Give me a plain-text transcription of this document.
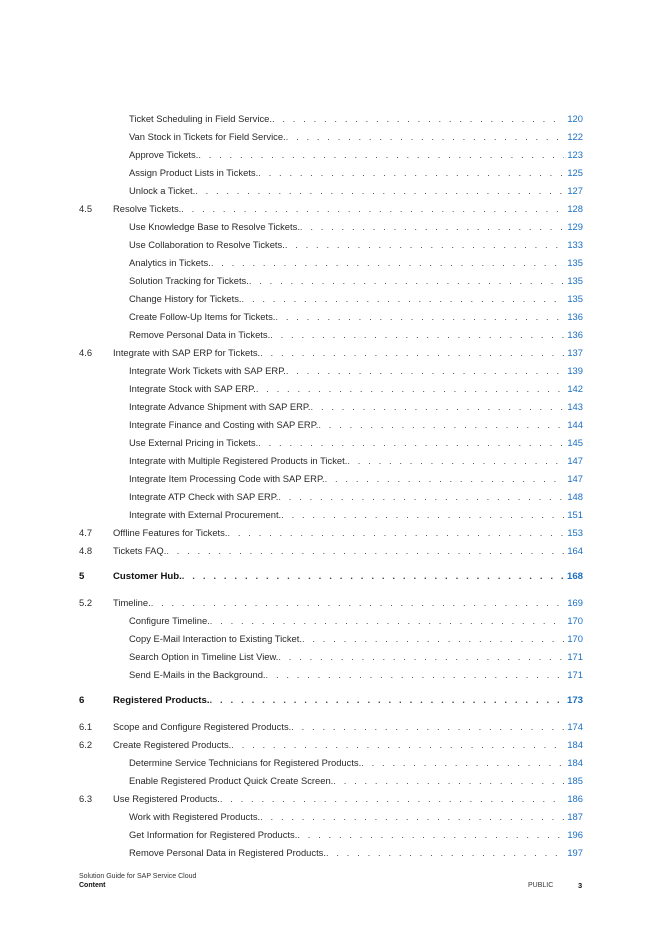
Ticket Scheduling in Field Service. . . .	120
Van Stock in Tickets for Field Service. . . .	122
Approve Tickets. . . .	123
Assign Product Lists in Tickets. . . .	125
Unlock a Ticket. . . .	127
4.5 Resolve Tickets. . . .	128
Use Knowledge Base to Resolve Tickets. . . .	129
Use Collaboration to Resolve Tickets. . . .	133
Analytics in Tickets. . . .	135
Solution Tracking for Tickets. . . .	135
Change History for Tickets. . . .	135
Create Follow-Up Items for Tickets. . . .	136
Remove Personal Data in Tickets. . . .	136
4.6 Integrate with SAP ERP for Tickets. . . .	137
Integrate Work Tickets with SAP ERP. . . .	139
Integrate Stock with SAP ERP. . . .	142
Integrate Advance Shipment with SAP ERP. . . .	143
Integrate Finance and Costing with SAP ERP. . . .	144
Use External Pricing in Tickets. . . .	145
Integrate with Multiple Registered Products in Ticket. . . .	147
Integrate Item Processing Code with SAP ERP. . . .	147
Integrate ATP Check with SAP ERP. . . .	148
Integrate with External Procurement. . . .	151
4.7 Offline Features for Tickets. . . .	153
4.8 Tickets FAQ. . . .	164
5	Customer Hub. . . .	168
5.2 Timeline. . . .	169
Configure Timeline. . . .	170
Copy E-Mail Interaction to Existing Ticket. . . .	170
Search Option in Timeline List View. . . .	171
Send E-Mails in the Background. . . .	171
6	Registered Products. . . .	173
6.1 Scope and Configure Registered Products. . . .	174
6.2 Create Registered Products. . . .	184
Determine Service Technicians for Registered Products. . . .	184
Enable Registered Product Quick Create Screen. . . .	185
6.3 Use Registered Products. . . .	186
Work with Registered Products. . . .	187
Get Information for Registered Products. . . .	196
Remove Personal Data in Registered Products. . . .	197
Solution Guide for SAP Service Cloud
Content	PUBLIC	3
